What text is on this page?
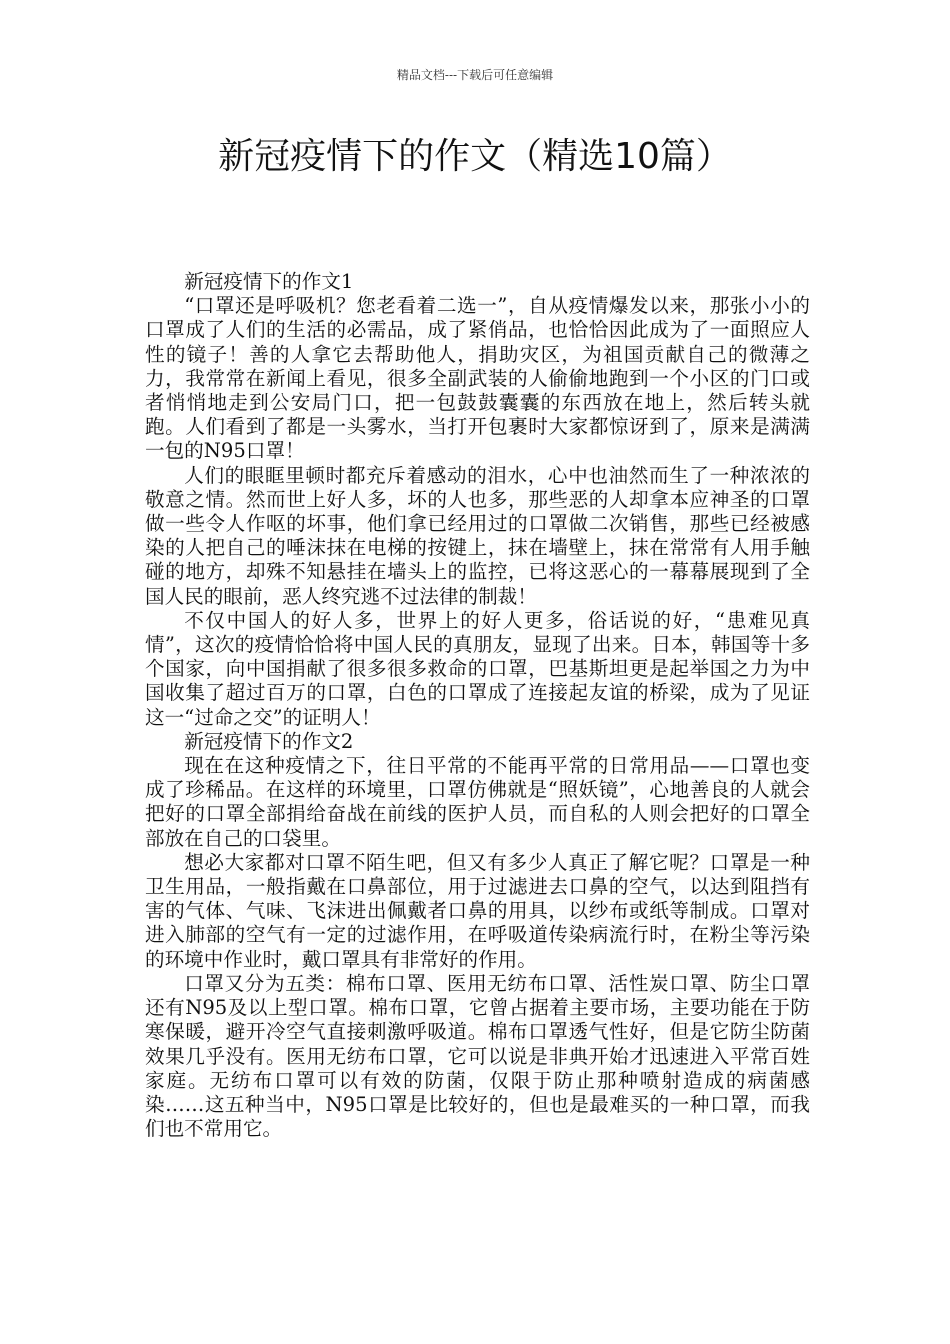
精品文档---下载后可任意编辑
新冠疫情下的作文（精选10篇）

新冠疫情下的作文1

“口罩还是呼吸机？您老看着二选一”，自从疫情爆发以来，那张小小的口罩成了人们的生活的必需品，成了紧俏品，也恰恰因此成为了一面照应人性的镜子！善的人拿它去帮助他人，捐助灾区，为祖国贡献自己的微薄之力，我常常在新闻上看见，很多全副武装的人偷偷地跑到一个小区的门口或者悄悄地走到公安局门口，把一包鼓鼓囊囊的东西放在地上，然后转头就跑。人们看到了都是一头雾水，当打开包裹时大家都惊讶到了，原来是满满一包的N95口罩！

人们的眼眶里顿时都充斥着感动的泪水，心中也油然而生了一种浓浓的敬意之情。然而世上好人多，坏的人也多，那些恶的人却拿本应神圣的口罩做一些令人作呕的坏事，他们拿已经用过的口罩做二次销售，那些已经被感染的人把自己的唾沫抹在电梯的按键上，抹在墙壁上，抹在常常有人用手触碰的地方，却殊不知悬挂在墙头上的监控，已将这恶心的一幕幕展现到了全国人民的眼前，恶人终究逃不过法律的制裁！

不仅中国人的好人多，世界上的好人更多，俗话说的好，“患难见真情”，这次的疫情恰恰将中国人民的真朋友，显现了出来。日本，韩国等十多个国家，向中国捐献了很多很多救命的口罩，巴基斯坦更是起举国之力为中国收集了超过百万的口罩，白色的口罩成了连接起友谊的桥梁，成为了见证这一“过命之交”的证明人！

新冠疫情下的作文2

现在在这种疫情之下，往日平常的不能再平常的日常用品——口罩也变成了珍稀品。在这样的环境里，口罩仿佛就是“照妖镜”，心地善良的人就会把好的口罩全部捐给奋战在前线的医护人员，而自私的人则会把好的口罩全部放在自己的口袋里。

想必大家都对口罩不陌生吧，但又有多少人真正了解它呢？口罩是一种卫生用品，一般指戴在口鼻部位，用于过滤进去口鼻的空气，以达到阻挡有害的气体、气味、飞沫进出佩戴者口鼻的用具，以纱布或纸等制成。口罩对进入肺部的空气有一定的过滤作用，在呼吸道传染病流行时，在粉尘等污染的环境中作业时，戴口罩具有非常好的作用。

口罩又分为五类：棉布口罩、医用无纺布口罩、活性炭口罩、防尘口罩还有N95及以上型口罩。棉布口罩，它曾占据着主要市场，主要功能在于防寒保暖，避开冷空气直接刺激呼吸道。棉布口罩透气性好，但是它防尘防菌效果几乎没有。医用无纺布口罩，它可以说是非典开始才迅速进入平常百姓家庭。无纺布口罩可以有效的防菌，仅限于防止那种喷射造成的病菌感染……这五种当中，N95口罩是比较好的，但也是最难买的一种口罩，而我们也不常用它。
